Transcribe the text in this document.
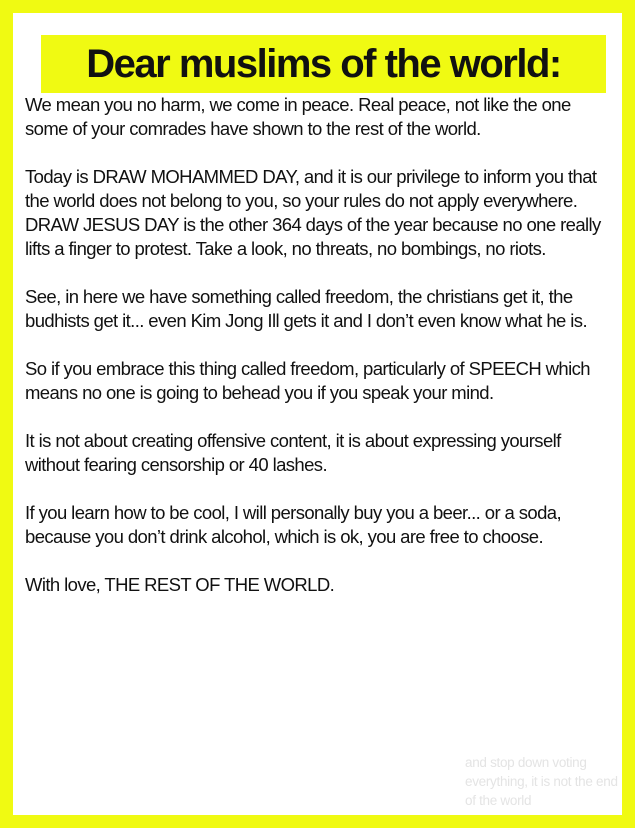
Dear muslims of the world:

We mean you no harm, we come in peace. Real peace, not like the one some of your comrades have shown to the rest of the world.

Today is DRAW MOHAMMED DAY, and it is our privilege to inform you that the world does not belong to you, so your rules do not apply everywhere. DRAW JESUS DAY is the other 364 days of the year because no one really lifts a finger to protest. Take a look, no threats, no bombings, no riots.

See, in here we have something called freedom, the christians get it, the budhists get it... even Kim Jong Ill gets it and I don’t even know what he is.

So if you embrace this thing called freedom, particularly of SPEECH which means no one is going to behead you if you speak your mind.

It is not about creating offensive content, it is about expressing yourself without fearing censorship or 40 lashes.

If you learn how to be cool, I will personally buy you a beer... or a soda, because you don’t drink alcohol, which is ok, you are free to choose.

With love, THE REST OF THE WORLD.

and stop down voting everything, it is not the end of the world
